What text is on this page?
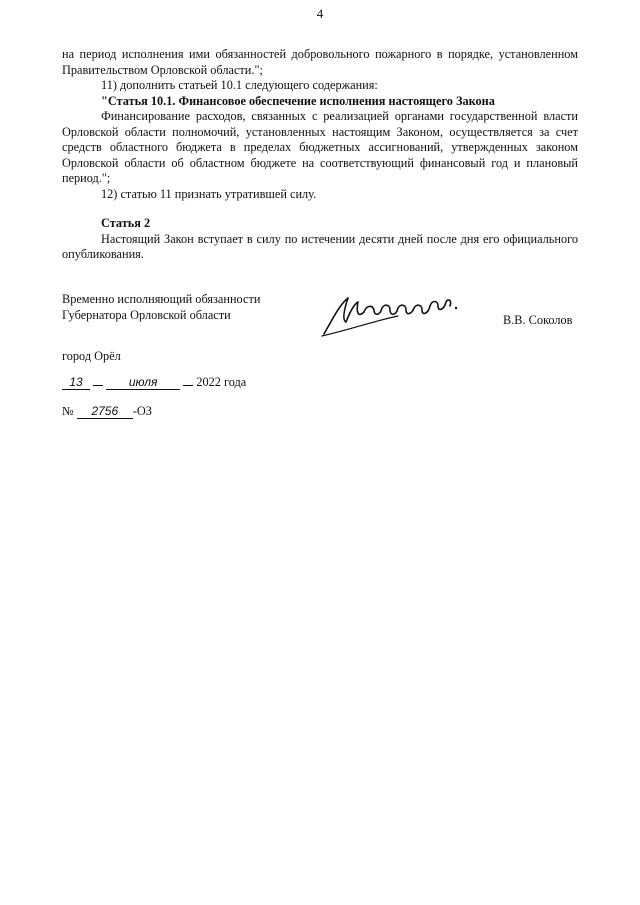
4

на период исполнения ими обязанностей добровольного пожарного в порядке, установленном Правительством Орловской области.";

11) дополнить статьей 10.1 следующего содержания:

"Статья 10.1. Финансовое обеспечение исполнения настоящего Закона

Финансирование расходов, связанных с реализацией органами государственной власти Орловской области полномочий, установленных настоящим Законом, осуществляется за счет средств областного бюджета в пределах бюджетных ассигнований, утвержденных законом Орловской области об областном бюджете на соответствующий финансовый год и плановый период.";

12) статью 11 признать утратившей силу.

Статья 2

Настоящий Закон вступает в силу по истечении десяти дней после дня его официального опубликования.

Временно исполняющий обязанности
Губернатора Орловской области	В.В. Соколов
город Орёл
13	июля	2022 года
№ 2756 -ОЗ
